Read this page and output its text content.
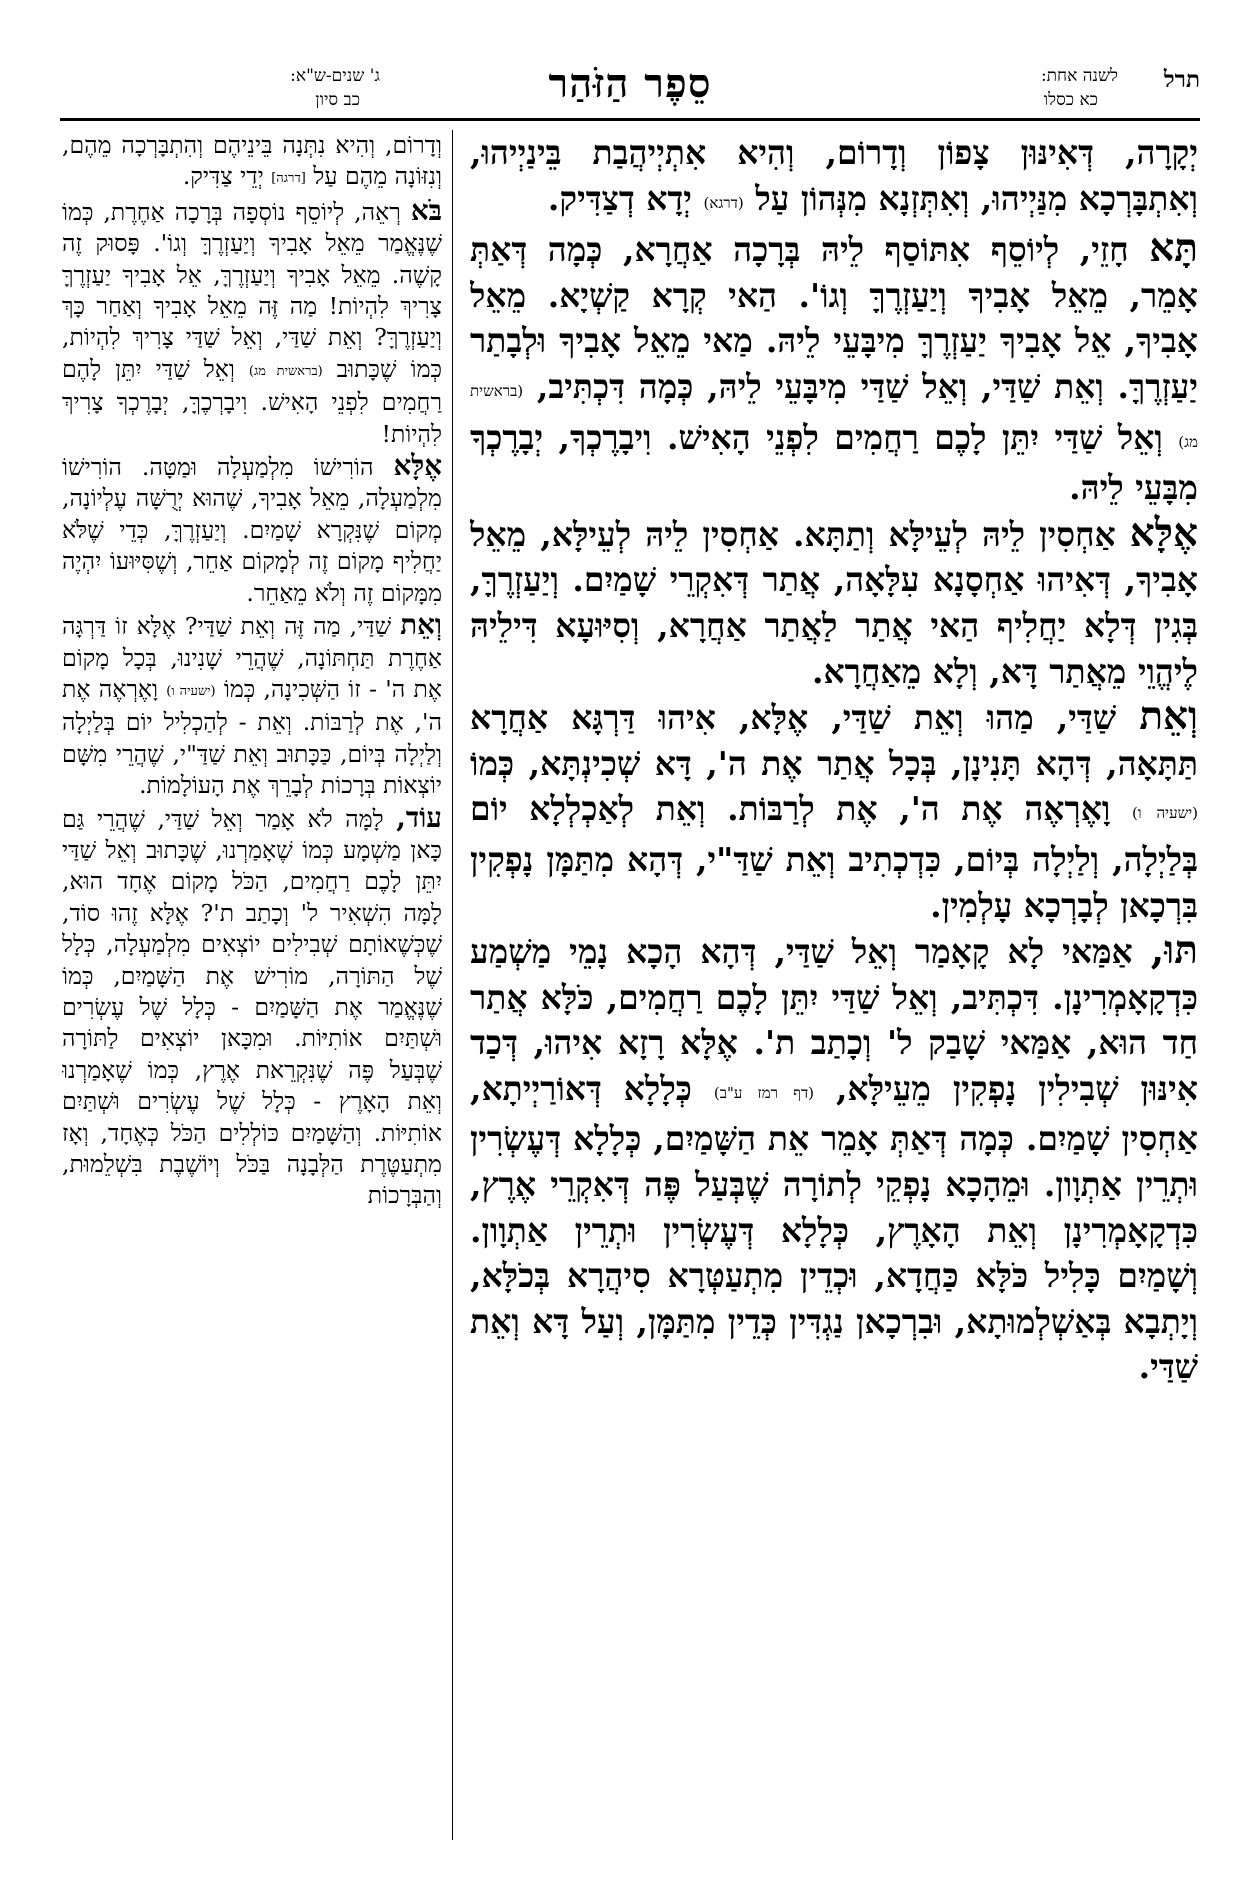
תרל
לשנה אחת:
כא כסלו
סֵפֶר הַזֹּהַר
ג' שנים-ש"א:
כב סיון

יְקָרָה, דְּאִינּוּן צָפוֹן וְדָרוֹם, וְהִיא אִתְיְיהֲבַת בֵּינַיְיהוּ, וְאִתְבָּרְכָא מִנַּיְיהוּ, וְאִתְּזְנָא מִנְּהוֹן עַל (דרגא) יְדָא דְצַדִּיק.

תָּא חָזֵי, לְיוֹסֵף אִתּוֹסַף לֵיהּ בְּרָכָה אַחֲרָא, כְּמָה דְּאַתְּ אָמֵר, מֵאֵל אָבִיךָ וְיַעַזְרֶךָּ וְגוֹ'. הַאי קְרָא קַשְׁיָא. מֵאֵל אָבִיךָ, אֵל אָבִיךָ יַעַזְרֶךָּ מִיבָּעֵי לֵיהּ. מַאי מֵאֵל אָבִיךָ וּלְבָתַר יַעַזְרֶךָּ. וְאֵת שַׁדַּי, וְאֵל שַׁדַּי מִיבָּעֵי לֵיהּ, כְּמָה דִּכְתִּיב, (בראשית מג) וְאֵל שַׁדַּי יִתֵּן לָכֶם רַחֲמִים לִפְנֵי הָאִישׁ. וִיבָרֶכְךָ, יְבָרֶכְךָ מִבָּעֵי לֵיהּ.

אֶלָּא אַחְסִין לֵיהּ לְעֵילָּא וְתַתָּא. אַחְסִין לֵיהּ לְעֵילָּא, מֵאֵל אָבִיךָ, דְּאִיהוּ אַחְסָנָא עִלָּאָה, אֲתַר דְּאִקְרֵי שָׁמַיִם. וְיַעַזְרֶךָּ, בְּגִין דְּלָא יַחֲלִיף הַאי אֲתַר לַאֲתַר אַחֲרָא, וְסִיּוּעָא דִּילֵיהּ לֶיהֱוֵי מֵאֲתַר דָּא, וְלָא מֵאַחֲרָא.

וְאֵת שַׁדַּי, מַהוּ וְאֵת שַׁדַּי, אֶלָּא, אִיהוּ דַּרְגָּא אַחֲרָא תַּתָּאָה, דְּהָא תָּנִינָן, בְּכָל אֲתַר אֶת ה', דָּא שְׁכִינְתָּא, כְּמוֹ (ישעיה ו) וָאֶרְאֶה אֶת ה', אֶת לְרַבּוֹת. וְאֵת לְאַכְלְלָא יוֹם בְּלַיְלָה, וְלַיְלָה בְּיוֹם, כִּדְכְתִיב וְאֵת שַׁדַּ"י, דְּהָא מִתַּמָּן נָפְקִין בִּרְכָאן לְבָרְכָא עָלְמִין.

תּוּ, אַמַּאי לָא קָאָמַר וְאֵל שַׁדַּי, דְּהָא הָכָא נָמֵי מַשְׁמַע כִּדְקָאָמְרִינָן. דִּכְתִּיב, וְאֵל שַׁדַּי יִתֵּן לָכֶם רַחֲמִים, כֹּלָּא אֲתַר חַד הוּא, אַמַּאי שָׁבַק ל' וְכָתַב ת'. אֶלָּא רָזָא אִיהוּ, דְּכַד אִינּוּן שְׁבִילִין נָפְקִין מֵעֵילָּא, (דף רמז ע"ב) כְּלָלָא דְּאוֹרַיְיתָא, אַחְסִין שָׁמַיִם. כְּמָה דְּאַתְּ אָמֵר אֵת הַשָּׁמַיִם, כְּלָלָא דְּעֶשְׂרִין וּתְרֵין אַתְוָון. וּמֵהָכָא נָפְקֵי לְתוֹרָה שֶׁבְּעַל פֶּה דְּאִקְרֵי אֶרֶץ, כִּדְקָאָמְרִינָן וְאֵת הָאָרֶץ, כְּלָלָא דְּעֶשְׂרִין וּתְרֵין אַתְוָון. וְשָׁמַיִם כָּלִיל כֹּלָּא כַּחֲדָא, וּכְדֵין מִתְעַטְּרָא סִיהֲרָא בְּכֹלָּא, וְיָתְבָא בְּאַשְׁלְמוּתָא, וּבִרְכָאן נַגְדִּין כְּדֵין מִתַּמָּן, וְעַל דָּא וְאֵת שַׁדַּי.

וְדָרוֹם, וְהִיא נִתְּנָה בֵּינֵיהֶם וְהִתְבָּרְכָה מֵהֶם, וְנִזּוֹנָה מֵהֶם עַל [דרגה] יְדֵי צַדִּיק.

בֹּא רְאֵה, לְיוֹסֵף נוֹסְפָה בְּרָכָה אַחֶרֶת, כְּמוֹ שֶׁנֶּאֱמַר מֵאֵל אָבִיךָ וְיַעַזְרֶךָּ וְגוֹ'. פָּסוּק זֶה קָשֶׁה. מֵאֵל אָבִיךָ וְיַעַזְרֶךָּ, אֵל אָבִיךָ יַעַזְרֶךָּ צָרִיךְ לִהְיוֹת! מַה זֶּה מֵאֵל אָבִיךָ וְאַחַר כָּךְ וְיַעַזְרֶךָּ? וְאֵת שַׁדַּי, וְאֵל שַׁדַּי צָרִיךְ לִהְיוֹת, כְּמוֹ שֶׁכָּתוּב (בראשית מג) וְאֵל שַׁדַּי יִתֵּן לָהֶם רַחֲמִים לִפְנֵי הָאִישׁ. וִיבָרְכֶךָּ, יְבָרֶכְךָ צָרִיךְ לִהְיוֹת!

אֶלָּא הוֹרִישׁוֹ מִלְמַעְלָה וּמַטָּה. הוֹרִישׁוֹ מִלְמַעְלָה, מֵאֵל אָבִיךָ, שֶׁהוּא יְרֻשָּׁה עֶלְיוֹנָה, מְקוֹם שֶׁנִּקְרָא שָׁמַיִם. וְיַעַזְרֶךָּ, כְּדֵי שֶׁלֹּא יַחֲלִיף מָקוֹם זֶה לְמָקוֹם אַחֵר, וְשֶׁסִּיּוּעוֹ יִהְיֶה מִמָּקוֹם זֶה וְלֹא מֵאַחֵר.

וְאֵת שַׁדַּי, מַה זֶּה וְאֵת שַׁדַּי? אֶלָּא זוֹ דַּרְגָּה אַחֶרֶת תַּחְתּוֹנָה, שֶׁהֲרֵי שָׁנִינוּ, בְּכָל מָקוֹם אֶת ה' - זוֹ הַשְּׁכִינָה, כְּמוֹ (ישעיה ו) וָאֶרְאֶה אֶת ה', אֶת לְרַבּוֹת. וְאֵת - לְהַכְלִיל יוֹם בְּלַיְלָה וְלַיְלָה בְּיוֹם, כַּכָּתוּב וְאֵת שַׁדַּ"י, שֶׁהֲרֵי מִשָּׁם יוֹצְאוֹת בְּרָכוֹת לְבָרֵךְ אֶת הָעוֹלָמוֹת.

עוֹד, לָמָּה לֹא אָמַר וְאֵל שַׁדַּי, שֶׁהֲרֵי גַּם כָּאן מַשְׁמָע כְּמוֹ שֶׁאָמַרְנוּ, שֶׁכָּתוּב וְאֵל שַׁדַּי יִתֵּן לָכֶם רַחֲמִים, הַכֹּל מָקוֹם אֶחָד הוּא, לָמָּה הִשְׁאִיר ל' וְכָתַב ת'? אֶלָּא זֶהוּ סוֹד, שֶׁכְּשֶׁאוֹתָם שְׁבִילִים יוֹצְאִים מִלְמַעְלָה, כְּלָל שֶׁל הַתּוֹרָה, מוֹרִישׁ אֶת הַשָּׁמַיִם, כְּמוֹ שֶׁנֶּאֱמַר אֶת הַשָּׁמַיִם - כְּלָל שֶׁל עֶשְׂרִים וּשְׁתַּיִם אוֹתִיּוֹת. וּמִכָּאן יוֹצְאִים לַתּוֹרָה שֶׁבְּעַל פֶּה שֶׁנִּקְרֵאת אֶרֶץ, כְּמוֹ שֶׁאָמַרְנוּ וְאֵת הָאָרֶץ - כְּלָל שֶׁל עֶשְׂרִים וּשְׁתַּיִם אוֹתִיּוֹת. וְהַשָּׁמַיִם כּוֹלְלִים הַכֹּל כְּאֶחָד, וְאָז מִתְעַטֶּרֶת הַלְּבָנָה בַּכֹּל וְיוֹשֶׁבֶת בִּשְׁלֵמוּת, וְהַבְּרָכוֹת
